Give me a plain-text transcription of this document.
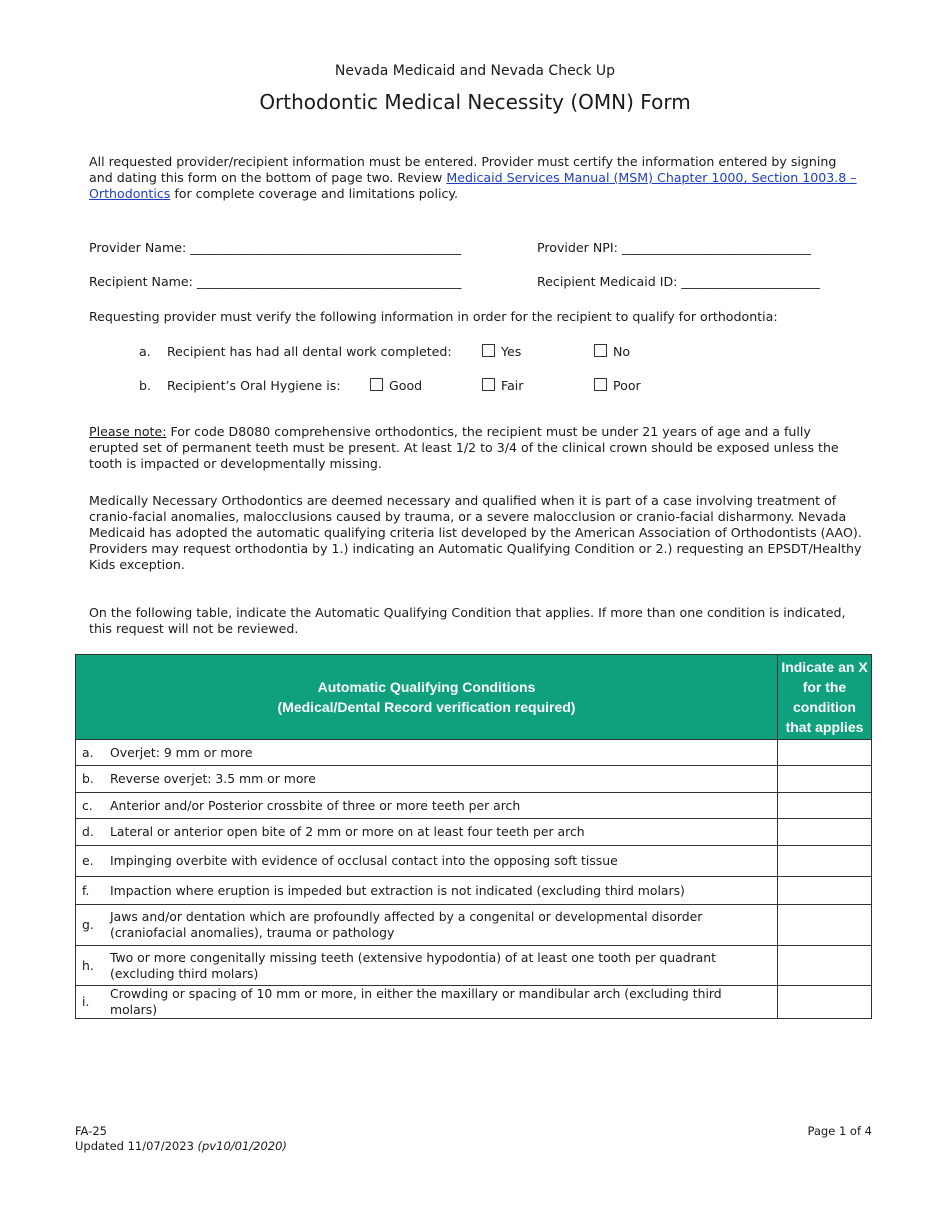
Nevada Medicaid and Nevada Check Up
Orthodontic Medical Necessity (OMN) Form
All requested provider/recipient information must be entered. Provider must certify the information entered by signing and dating this form on the bottom of page two. Review Medicaid Services Manual (MSM) Chapter 1000, Section 1003.8 – Orthodontics for complete coverage and limitations policy.
Provider Name: ___________________________________________	Provider NPI: ______________________________
Recipient Name: __________________________________________	Recipient Medicaid ID: ______________________
Requesting provider must verify the following information in order for the recipient to qualify for orthodontia:
a. Recipient has had all dental work completed:	Yes	No
b. Recipient’s Oral Hygiene is:	Good	Fair	Poor
Please note: For code D8080 comprehensive orthodontics, the recipient must be under 21 years of age and a fully erupted set of permanent teeth must be present. At least 1/2 to 3/4 of the clinical crown should be exposed unless the tooth is impacted or developmentally missing.
Medically Necessary Orthodontics are deemed necessary and qualified when it is part of a case involving treatment of cranio-facial anomalies, malocclusions caused by trauma, or a severe malocclusion or cranio-facial disharmony. Nevada Medicaid has adopted the automatic qualifying criteria list developed by the American Association of Orthodontists (AAO). Providers may request orthodontia by 1.) indicating an Automatic Qualifying Condition or 2.) requesting an EPSDT/Healthy Kids exception.
On the following table, indicate the Automatic Qualifying Condition that applies. If more than one condition is indicated, this request will not be reviewed.
Automatic Qualifying Conditions
(Medical/Dental Record verification required)		Indicate an X for the condition that applies
a.	Overjet: 9 mm or more	
b.	Reverse overjet: 3.5 mm or more	
c.	Anterior and/or Posterior crossbite of three or more teeth per arch	
d.	Lateral or anterior open bite of 2 mm or more on at least four teeth per arch	
e.	Impinging overbite with evidence of occlusal contact into the opposing soft tissue	
f.	Impaction where eruption is impeded but extraction is not indicated (excluding third molars)	
g.	Jaws and/or dentation which are profoundly affected by a congenital or developmental disorder (craniofacial anomalies), trauma or pathology	
h.	Two or more congenitally missing teeth (extensive hypodontia) of at least one tooth per quadrant (excluding third molars)	
i.	Crowding or spacing of 10 mm or more, in either the maxillary or mandibular arch (excluding third molars)	
FA-25
Updated 11/07/2023 (pv10/01/2020)
Page 1 of 4
